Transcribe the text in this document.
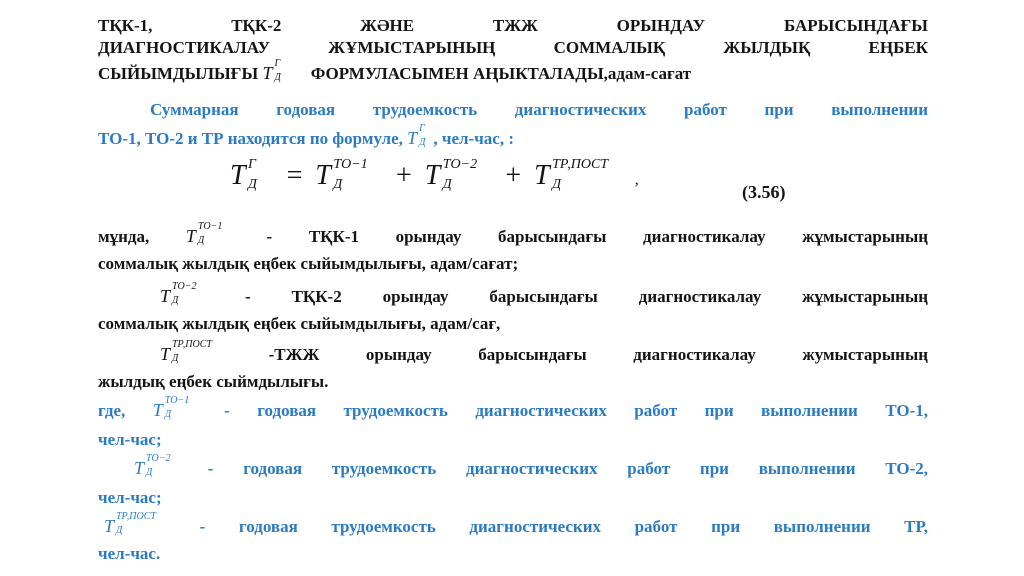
ТҚК-1, ТҚК-2 ЖӘНЕ ТЖЖ ОРЫНДАУ БАРЫСЫНДАҒЫ
ДИАГНОСТИКАЛАУ ЖҰМЫСТАРЫНЫҢ СОММАЛЫҚ ЖЫЛДЫҚ ЕҢБЕК
СЫЙЫМДЫЛЫҒЫ T Г
Д ФОРМУЛАСЫМЕН АҢЫКТАЛАДЫ,адам-сағат
Суммарная годовая трудоемкость диагностических работ при выполнении
ТО-1, ТО-2 и ТР находится по формуле, T Г
Д , чел-час, :
T Г
Д = T ТО−1
Д + T ТО−2
Д + T ТР,ПОСТ
Д	,
(3.56)
мұнда, T ТО−1
Д	- ТҚК-1 орындау барысындағы диагностикалау жұмыстарының
соммалық жылдық еңбек сыйымдылығы, адам/сағат;
T ТО−2
Д	- ТҚК-2 орындау барысындағы диагностикалау жұмыстарының
соммалық жылдық еңбек сыйымдылығы, адам/сағ,
T ТР,ПОСТ
Д	-ТЖЖ орындау барысындағы диагностикалау жумыстарының
жылдық еңбек сыймдылығы.
где, T ТО−1
Д	- годовая трудоемкость диагностических работ при выполнении ТО-1,
чел-час;
T ТО−2
Д	- годовая трудоемкость диагностических работ при выполнении ТО-2,
чел-час;
T ТР,ПОСТ
Д	- годовая трудоемкость диагностических работ при выполнении ТР,
чел-час.
